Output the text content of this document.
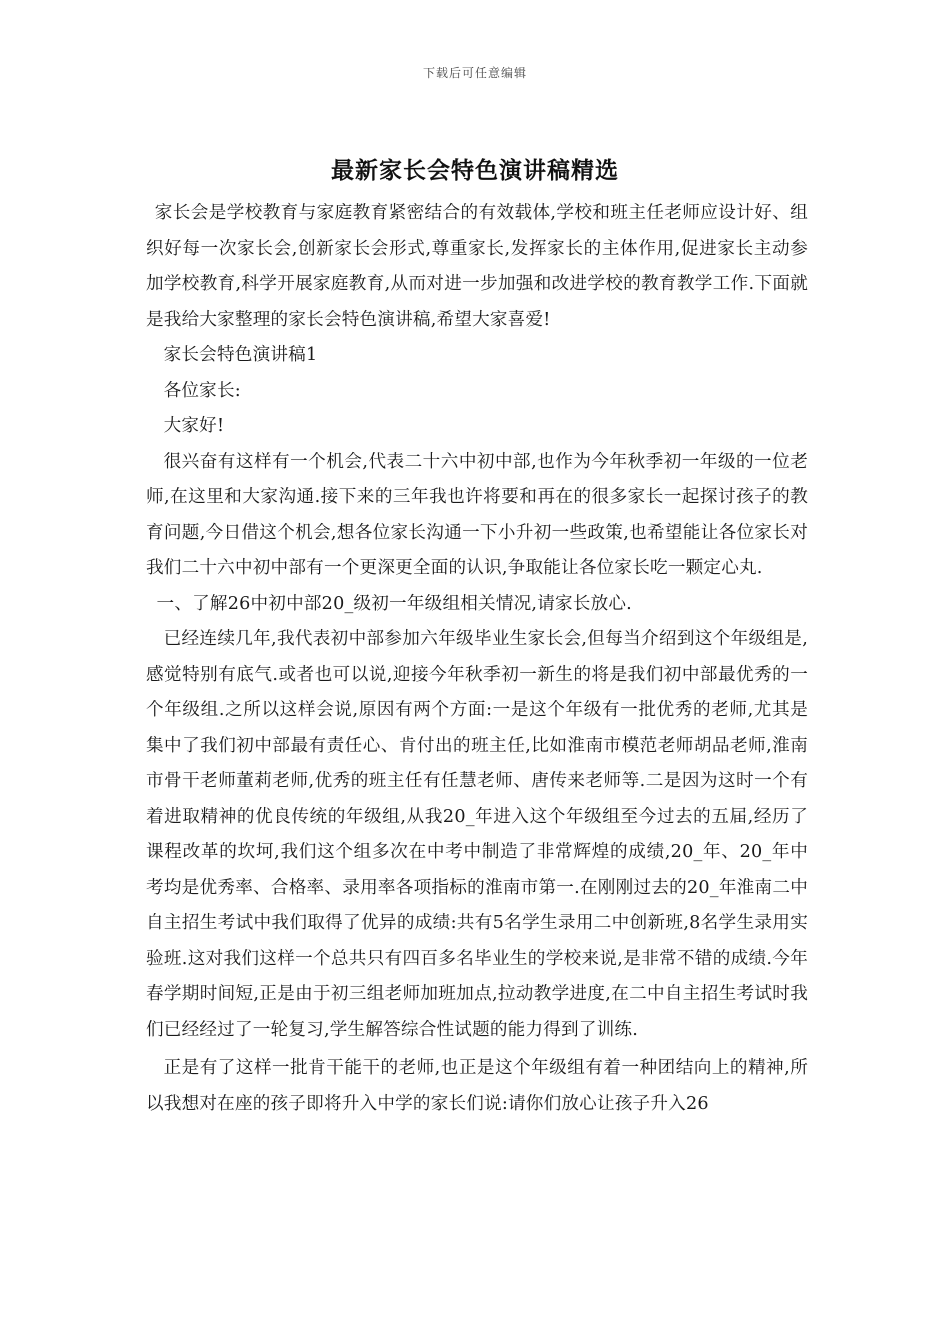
下载后可任意编辑
最新家长会特色演讲稿精选

家长会是学校教育与家庭教育紧密结合的有效载体,学校和班主任老师应设计好、组织好每一次家长会,创新家长会形式,尊重家长,发挥家长的主体作用,促进家长主动参加学校教育,科学开展家庭教育,从而对进一步加强和改进学校的教育教学工作.下面就是我给大家整理的家长会特色演讲稿,希望大家喜爱!

家长会特色演讲稿1

各位家长:

大家好!

很兴奋有这样有一个机会,代表二十六中初中部,也作为今年秋季初一年级的一位老师,在这里和大家沟通.接下来的三年我也许将要和再在的很多家长一起探讨孩子的教育问题,今日借这个机会,想各位家长沟通一下小升初一些政策,也希望能让各位家长对我们二十六中初中部有一个更深更全面的认识,争取能让各位家长吃一颗定心丸.

一、了解26中初中部20_级初一年级组相关情况,请家长放心.

已经连续几年,我代表初中部参加六年级毕业生家长会,但每当介绍到这个年级组是,感觉特别有底气.或者也可以说,迎接今年秋季初一新生的将是我们初中部最优秀的一个年级组.之所以这样会说,原因有两个方面:一是这个年级有一批优秀的老师,尤其是集中了我们初中部最有责任心、肯付出的班主任,比如淮南市模范老师胡品老师,淮南市骨干老师董莉老师,优秀的班主任有任慧老师、唐传来老师等.二是因为这时一个有着进取精神的优良传统的年级组,从我20_年进入这个年级组至今过去的五届,经历了课程改革的坎坷,我们这个组多次在中考中制造了非常辉煌的成绩,20_年、20_年中考均是优秀率、合格率、录用率各项指标的淮南市第一.在刚刚过去的20_年淮南二中自主招生考试中我们取得了优异的成绩:共有5名学生录用二中创新班,8名学生录用实验班.这对我们这样一个总共只有四百多名毕业生的学校来说,是非常不错的成绩.今年春学期时间短,正是由于初三组老师加班加点,拉动教学进度,在二中自主招生考试时我们已经经过了一轮复习,学生解答综合性试题的能力得到了训练.

正是有了这样一批肯干能干的老师,也正是这个年级组有着一种团结向上的精神,所以我想对在座的孩子即将升入中学的家长们说:请你们放心让孩子升入26
